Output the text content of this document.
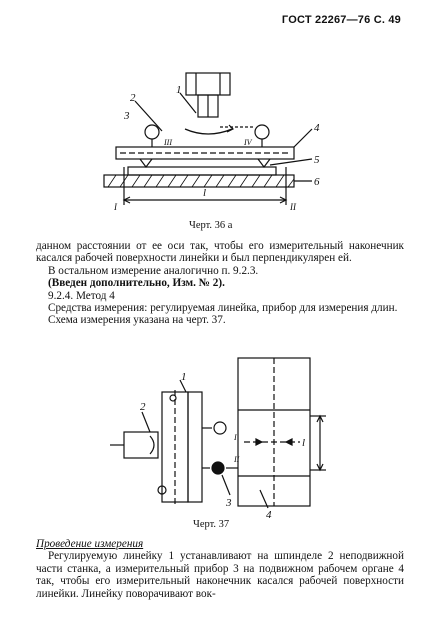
ГОСТ 22267—76 С. 49
1
2
3
4
5
6
III	IV
I	II
l
Черт. 36 а

данном расстоянии от ее оси так, чтобы его измерительный наконечник касался рабочей поверхности линейки и был перпендикулярен ей.

В остальном измерение аналогично п. 9.2.3.

(Введен дополнительно, Изм. № 2).

9.2.4. Метод 4

Средства измерения: регулируемая линейка, прибор для измерения длин.

Схема измерения указана на черт. 37.

1
2
3
4
l
I
II
Черт. 37

Проведение измерения

Регулируемую линейку 1 устанавливают на шпинделе 2 неподвижной части станка, а измерительный прибор 3 на подвижном рабочем органе 4 так, чтобы его измерительный наконечник касался рабочей поверхности линейки. Линейку поворачивают вок-
